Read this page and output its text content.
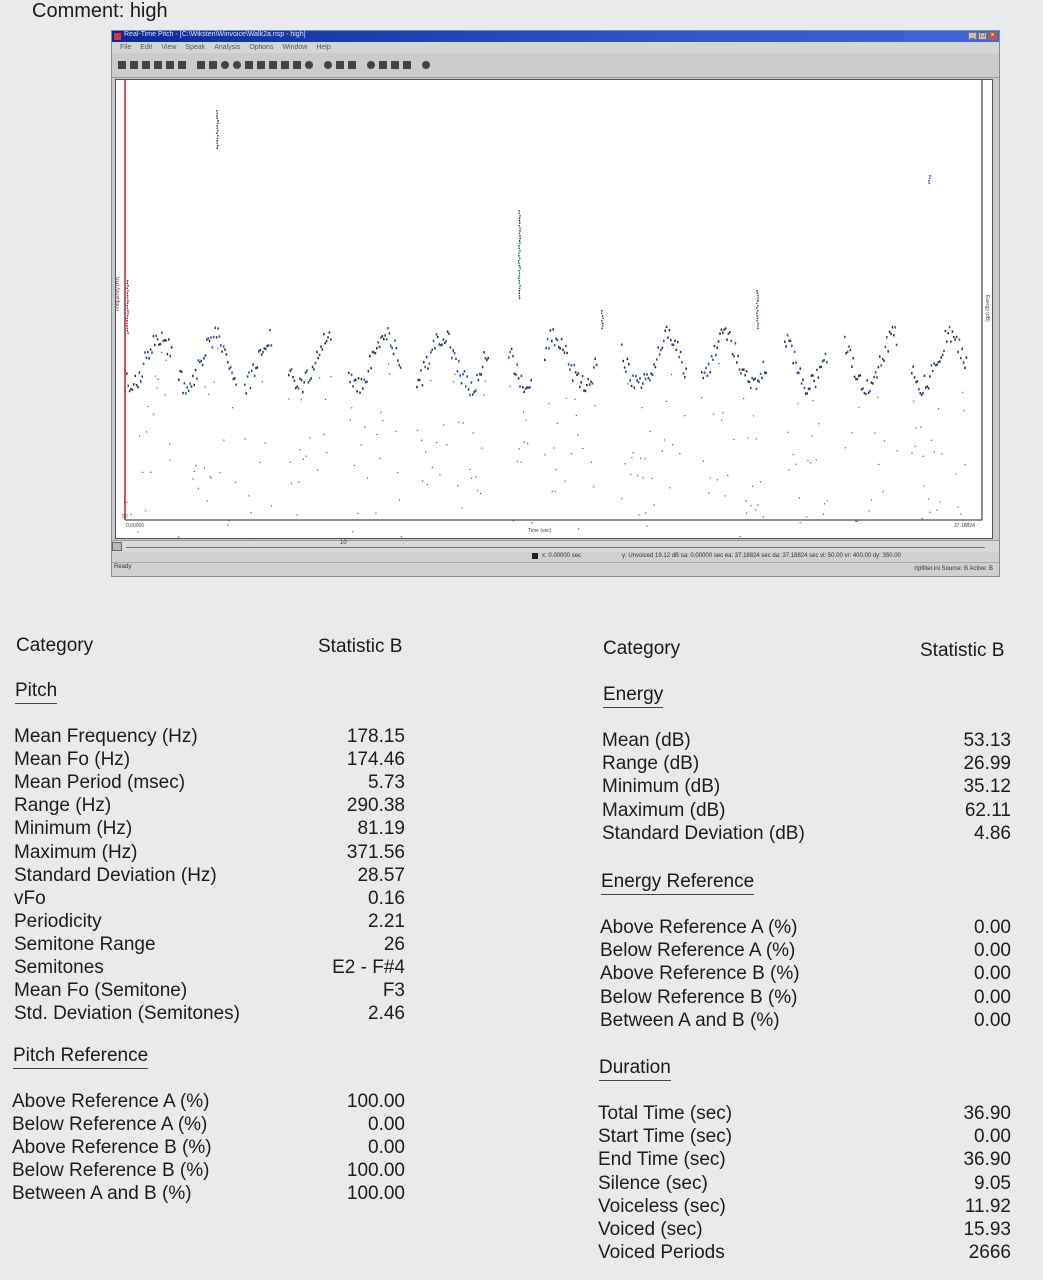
Comment: high
Real-Time Pitch - [C:\Wiksten\Winvoice\Walk2a.nsp - high]	_ □ ×
File Edit View Speak Analysis Options Window Help
Frequency (Hz)	Energy (dB)
50
Time (sec)
0.00000	37.18824
10
x: 0.00000 sec	y: Unvoiced 19.12 dB sa: 0.00000 sec ea: 37.18824 sec da: 37.18824 sec vl: 50.00 vr: 400.00 dy: 350.00
Ready	rtpfilter.ini Source: B Active: B
Category	Statistic B
Pitch
Mean Frequency (Hz)	178.15
Mean Fo (Hz)	174.46
Mean Period (msec)	5.73
Range (Hz)	290.38
Minimum (Hz)	81.19
Maximum (Hz)	371.56
Standard Deviation (Hz)	28.57
vFo	0.16
Periodicity	2.21
Semitone Range	26
Semitones	E2 - F#4
Mean Fo (Semitone)	F3
Std. Deviation (Semitones)	2.46
Pitch Reference
Above Reference A (%)	100.00
Below Reference A (%)	0.00
Above Reference B (%)	0.00
Below Reference B (%)	100.00
Between A and B (%)	100.00
Category	Statistic B
Energy
Mean (dB)	53.13
Range (dB)	26.99
Minimum (dB)	35.12
Maximum (dB)	62.11
Standard Deviation (dB)	4.86
Energy Reference
Above Reference A (%)	0.00
Below Reference A (%)	0.00
Above Reference B (%)	0.00
Below Reference B (%)	0.00
Between A and B (%)	0.00
Duration
Total Time (sec)	36.90
Start Time (sec)	0.00
End Time (sec)	36.90
Silence (sec)	9.05
Voiceless (sec)	11.92
Voiced (sec)	15.93
Voiced Periods	2666
